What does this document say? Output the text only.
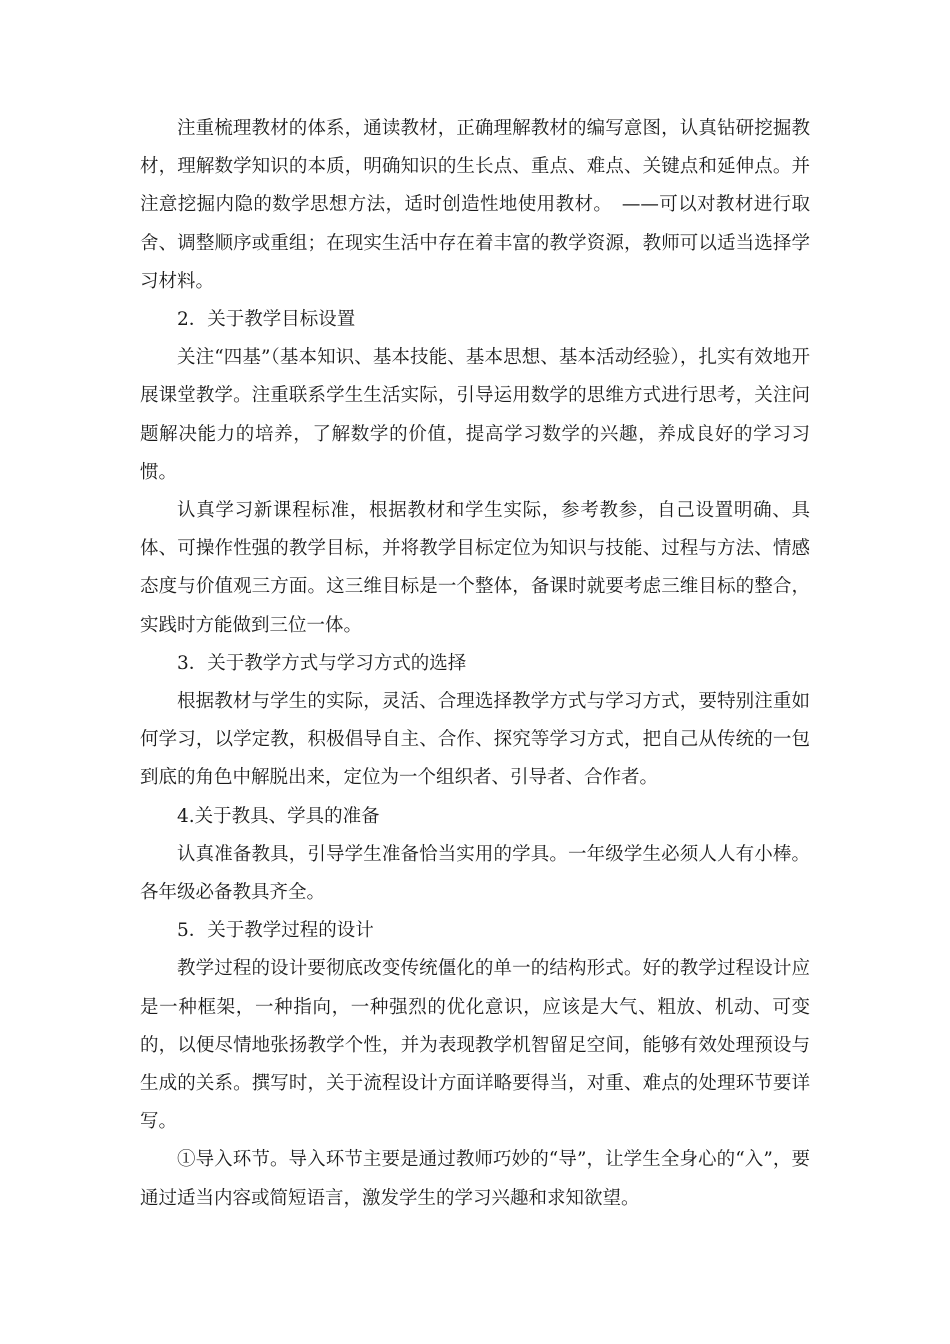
注重梳理教材的体系，通读教材，正确理解教材的编写意图，认真钻研挖掘教材，理解数学知识的本质，明确知识的生长点、重点、难点、关键点和延伸点。并注意挖掘内隐的数学思想方法，适时创造性地使用教材。　——可以对教材进行取舍、调整顺序或重组；在现实生活中存在着丰富的教学资源，教师可以适当选择学习材料。

2．关于教学目标设置

关注“四基”（基本知识、基本技能、基本思想、基本活动经验），扎实有效地开展课堂教学。注重联系学生生活实际，引导运用数学的思维方式进行思考，关注问题解决能力的培养，了解数学的价值，提高学习数学的兴趣，养成良好的学习习惯。

认真学习新课程标准，根据教材和学生实际，参考教参，自己设置明确、具体、可操作性强的教学目标，并将教学目标定位为知识与技能、过程与方法、情感态度与价值观三方面。这三维目标是一个整体，备课时就要考虑三维目标的整合，实践时方能做到三位一体。

3．关于教学方式与学习方式的选择

根据教材与学生的实际，灵活、合理选择教学方式与学习方式，要特别注重如何学习，以学定教，积极倡导自主、合作、探究等学习方式，把自己从传统的一包到底的角色中解脱出来，定位为一个组织者、引导者、合作者。

4.关于教具、学具的准备

认真准备教具，引导学生准备恰当实用的学具。一年级学生必须人人有小棒。各年级必备教具齐全。

5．关于教学过程的设计

教学过程的设计要彻底改变传统僵化的单一的结构形式。好的教学过程设计应是一种框架，一种指向，一种强烈的优化意识，应该是大气、粗放、机动、可变的，以便尽情地张扬教学个性，并为表现教学机智留足空间，能够有效处理预设与生成的关系。撰写时，关于流程设计方面详略要得当，对重、难点的处理环节要详写。

①导入环节。导入环节主要是通过教师巧妙的“导”，让学生全身心的“入”，要通过适当内容或简短语言，激发学生的学习兴趣和求知欲望。
